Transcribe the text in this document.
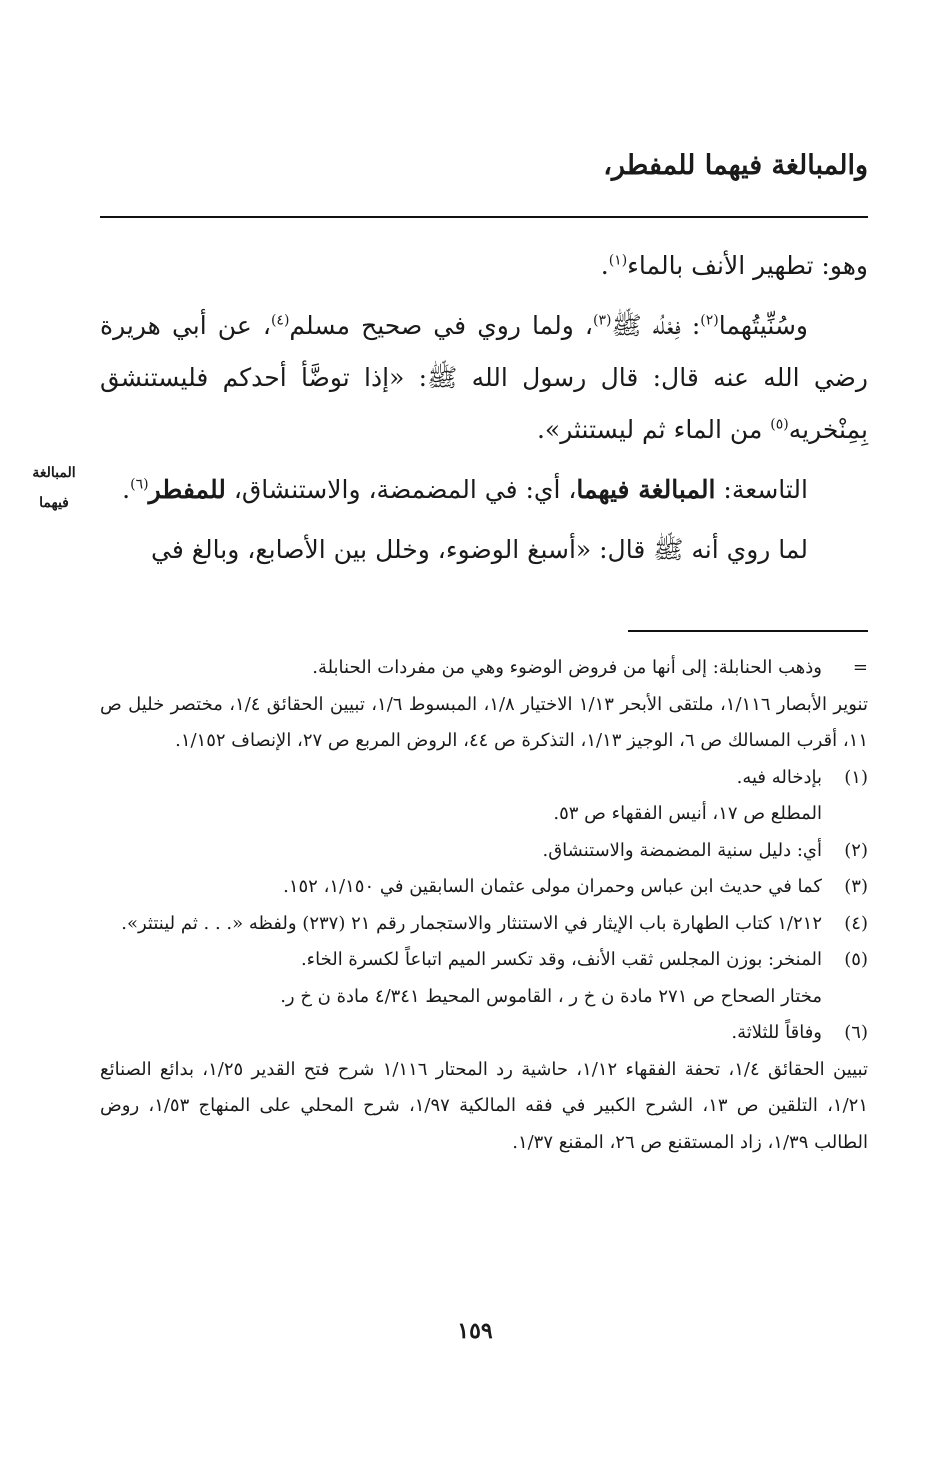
والمبالغة فيهما للمفطر،
المبالغة
فيهما

وهو: تطهير الأنف بالماء$^{(١)}$.

وسُنِّيتُهما$^{(٢)}$: فِعْلُه ﷺ$^{(٣)}$، ولما روي في صحيح مسلم$^{(٤)}$، عن أبي هريرة رضي الله عنه قال: قال رسول الله ﷺ: «إذا توضَّأ أحدكم فليستنشق بِمِنْخريه$^{(٥)}$ من الماء ثم ليستنثر».

التاسعة: المبالغة فيهما، أي: في المضمضة، والاستنشاق، للمفطر$^{(٦)}$.

لما روي أنه ﷺ قال: «أسبغ الوضوء، وخلل بين الأصابع، وبالغ في

=
وذهب الحنابلة: إلى أنها من فروض الوضوء وهي من مفردات الحنابلة.
تنوير الأبصار ١/١١٦، ملتقى الأبحر ١/١٣ الاختيار ١/٨، المبسوط ١/٦، تبيين الحقائق ١/٤، مختصر خليل ص ١١، أقرب المسالك ص ٦، الوجيز ١/١٣، التذكرة ص ٤٤، الروض المربع ص ٢٧، الإنصاف ١/١٥٢.
(١)
بإدخاله فيه.
المطلع ص ١٧، أنيس الفقهاء ص ٥٣.
(٢)
أي: دليل سنية المضمضة والاستنشاق.
(٣)
كما في حديث ابن عباس وحمران مولى عثمان السابقين في ١/١٥٠، ١٥٢.
(٤)
١/٢١٢ كتاب الطهارة باب الإيثار في الاستنثار والاستجمار رقم ٢١ (٢٣٧) ولفظه «. . . ثم لينتثر».
(٥)
المنخر: بوزن المجلس ثقب الأنف، وقد تكسر الميم اتباعاً لكسرة الخاء.
مختار الصحاح ص ٢٧١ مادة ن خ ر ، القاموس المحيط ٤/٣٤١ مادة ن خ ر.
(٦)
وفاقاً للثلاثة.
تبيين الحقائق ١/٤، تحفة الفقهاء ١/١٢، حاشية رد المحتار ١/١١٦ شرح فتح القدير ١/٢٥، بدائع الصنائع ١/٢١، التلقين ص ١٣، الشرح الكبير في فقه المالكية ١/٩٧، شرح المحلي على المنهاج ١/٥٣، روض الطالب ١/٣٩، زاد المستقنع ص ٢٦، المقنع ١/٣٧.
١٥٩
